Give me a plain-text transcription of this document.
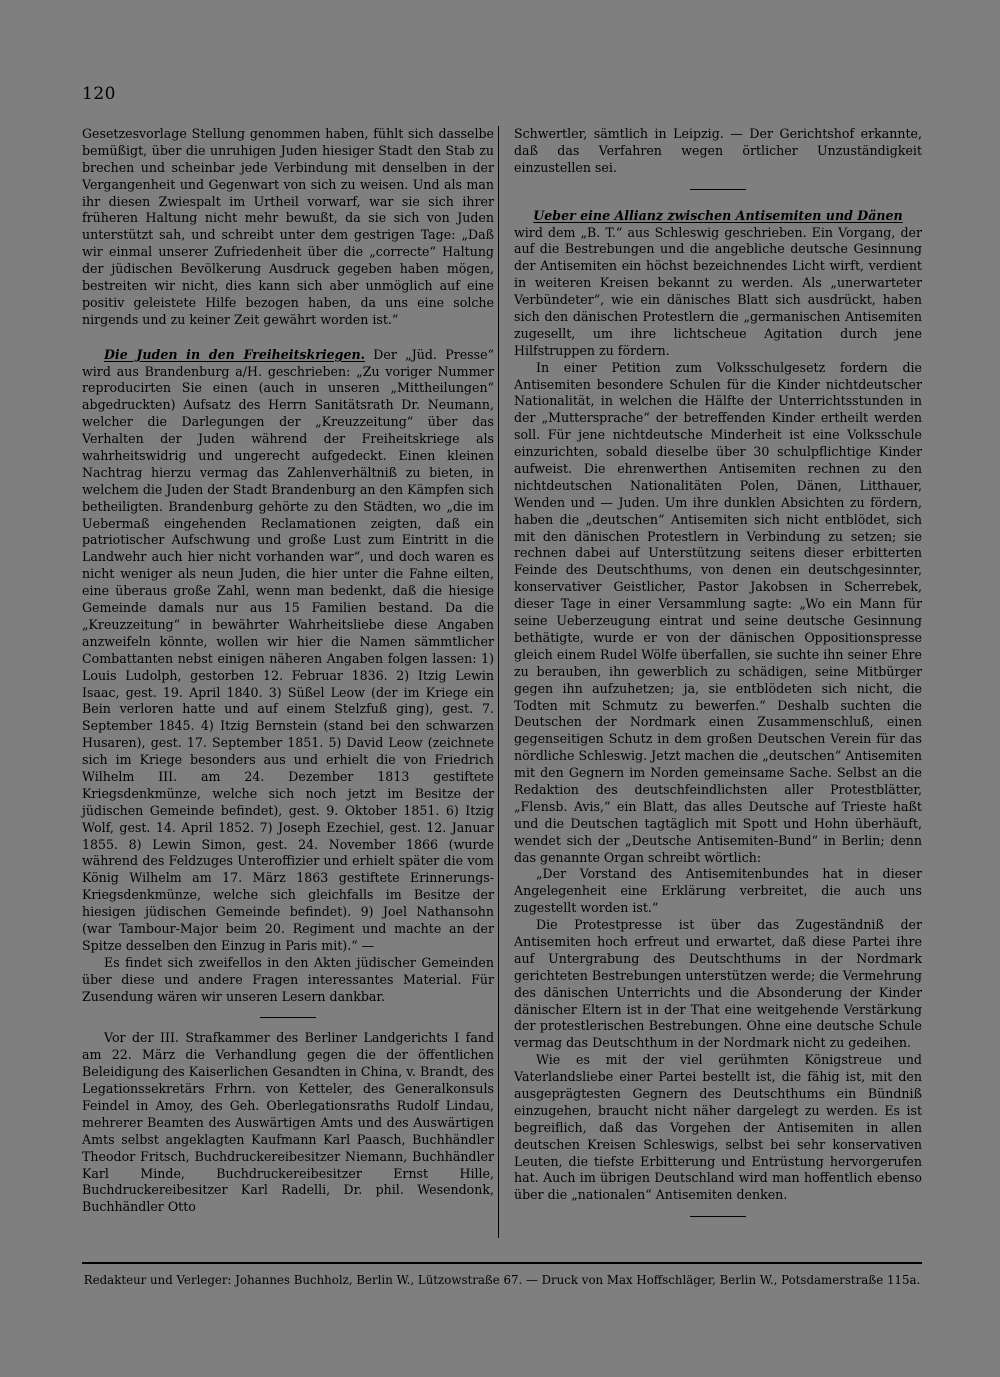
120

Gesetzesvorlage Stellung genommen haben, fühlt sich dasselbe bemüßigt, über die unruhigen Juden hiesiger Stadt den Stab zu brechen und scheinbar jede Verbindung mit denselben in der Vergangenheit und Gegenwart von sich zu weisen. Und als man ihr diesen Zwiespalt im Urtheil vorwarf, war sie sich ihrer früheren Haltung nicht mehr bewußt, da sie sich von Juden unterstützt sah, und schreibt unter dem gestrigen Tage: „Daß wir einmal unserer Zufriedenheit über die „correcte“ Haltung der jüdischen Bevölkerung Ausdruck gegeben haben mögen, bestreiten wir nicht, dies kann sich aber unmöglich auf eine positiv geleistete Hilfe bezogen haben, da uns eine solche nirgends und zu keiner Zeit gewährt worden ist.“

Die Juden in den Freiheitskriegen. Der „Jüd. Presse“ wird aus Brandenburg a/H. geschrieben: „Zu voriger Nummer reproducirten Sie einen (auch in unseren „Mittheilungen“ abgedruckten) Aufsatz des Herrn Sanitätsrath Dr. Neumann, welcher die Darlegungen der „Kreuzzeitung“ über das Verhalten der Juden während der Freiheitskriege als wahrheitswidrig und ungerecht aufgedeckt. Einen kleinen Nachtrag hierzu vermag das Zahlenverhältniß zu bieten, in welchem die Juden der Stadt Brandenburg an den Kämpfen sich betheiligten. Brandenburg gehörte zu den Städten, wo „die im Uebermaß eingehenden Reclamationen zeigten, daß ein patriotischer Aufschwung und große Lust zum Eintritt in die Landwehr auch hier nicht vorhanden war“, und doch waren es nicht weniger als neun Juden, die hier unter die Fahne eilten, eine überaus große Zahl, wenn man bedenkt, daß die hiesige Gemeinde damals nur aus 15 Familien bestand. Da die „Kreuzzeitung“ in bewährter Wahrheitsliebe diese Angaben anzweifeln könnte, wollen wir hier die Namen sämmtlicher Combattanten nebst einigen näheren Angaben folgen lassen: 1) Louis Ludolph, gestorben 12. Februar 1836. 2) Itzig Lewin Isaac, gest. 19. April 1840. 3) Süßel Leow (der im Kriege ein Bein verloren hatte und auf einem Stelzfuß ging), gest. 7. September 1845. 4) Itzig Bernstein (stand bei den schwarzen Husaren), gest. 17. September 1851. 5) David Leow (zeichnete sich im Kriege besonders aus und erhielt die von Friedrich Wilhelm III. am 24. Dezember 1813 gestiftete Kriegsdenkmünze, welche sich noch jetzt im Besitze der jüdischen Gemeinde befindet), gest. 9. Oktober 1851. 6) Itzig Wolf, gest. 14. April 1852. 7) Joseph Ezechiel, gest. 12. Januar 1855. 8) Lewin Simon, gest. 24. November 1866 (wurde während des Feldzuges Unteroffizier und erhielt später die vom König Wilhelm am 17. März 1863 gestiftete Erinnerungs-Kriegsdenkmünze, welche sich gleichfalls im Besitze der hiesigen jüdischen Gemeinde befindet). 9) Joel Nathansohn (war Tambour-Major beim 20. Regiment und machte an der Spitze desselben den Einzug in Paris mit).“ —

Es findet sich zweifellos in den Akten jüdischer Gemeinden über diese und andere Fragen interessantes Material. Für Zusendung wären wir unseren Lesern dankbar.

Vor der III. Strafkammer des Berliner Landgerichts I fand am 22. März die Verhandlung gegen die der öffentlichen Beleidigung des Kaiserlichen Gesandten in China, v. Brandt, des Legationssekretärs Frhrn. von Ketteler, des Generalkonsuls Feindel in Amoy, des Geh. Oberlegationsraths Rudolf Lindau, mehrerer Beamten des Auswärtigen Amts und des Auswärtigen Amts selbst angeklagten Kaufmann Karl Paasch, Buchhändler Theodor Fritsch, Buchdruckereibesitzer Niemann, Buchhändler Karl Minde, Buchdruckereibesitzer Ernst Hille, Buchdruckereibesitzer Karl Radelli, Dr. phil. Wesendonk, Buchhändler Otto

Schwertler, sämtlich in Leipzig. — Der Gerichtshof erkannte, daß das Verfahren wegen örtlicher Unzuständigkeit einzustellen sei.

Ueber eine Allianz zwischen Antisemiten und Dänen

wird dem „B. T.“ aus Schleswig geschrieben. Ein Vorgang, der auf die Bestrebungen und die angebliche deutsche Gesinnung der Antisemiten ein höchst bezeichnendes Licht wirft, verdient in weiteren Kreisen bekannt zu werden. Als „unerwarteter Verbündeter“, wie ein dänisches Blatt sich ausdrückt, haben sich den dänischen Protestlern die „germanischen Antisemiten zugesellt, um ihre lichtscheue Agitation durch jene Hilfstruppen zu fördern.

In einer Petition zum Volksschulgesetz fordern die Antisemiten besondere Schulen für die Kinder nichtdeutscher Nationalität, in welchen die Hälfte der Unterrichtsstunden in der „Muttersprache“ der betreffenden Kinder ertheilt werden soll. Für jene nichtdeutsche Minderheit ist eine Volksschule einzurichten, sobald dieselbe über 30 schulpflichtige Kinder aufweist. Die ehrenwerthen Antisemiten rechnen zu den nichtdeutschen Nationalitäten Polen, Dänen, Litthauer, Wenden und — Juden. Um ihre dunklen Absichten zu fördern, haben die „deutschen“ Antisemiten sich nicht entblödet, sich mit den dänischen Protestlern in Verbindung zu setzen; sie rechnen dabei auf Unterstützung seitens dieser erbitterten Feinde des Deutschthums, von denen ein deutschgesinnter, konservativer Geistlicher, Pastor Jakobsen in Scherrebek, dieser Tage in einer Versammlung sagte: „Wo ein Mann für seine Ueberzeugung eintrat und seine deutsche Gesinnung bethätigte, wurde er von der dänischen Oppositionspresse gleich einem Rudel Wölfe überfallen, sie suchte ihn seiner Ehre zu berauben, ihn gewerblich zu schädigen, seine Mitbürger gegen ihn aufzuhetzen; ja, sie entblödeten sich nicht, die Todten mit Schmutz zu bewerfen.“ Deshalb suchten die Deutschen der Nordmark einen Zusammenschluß, einen gegenseitigen Schutz in dem großen Deutschen Verein für das nördliche Schleswig. Jetzt machen die „deutschen“ Antisemiten mit den Gegnern im Norden gemeinsame Sache. Selbst an die Redaktion des deutschfeindlichsten aller Protestblätter, „Flensb. Avis,“ ein Blatt, das alles Deutsche auf Trieste haßt und die Deutschen tagtäglich mit Spott und Hohn überhäuft, wendet sich der „Deutsche Antisemiten-Bund“ in Berlin; denn das genannte Organ schreibt wörtlich:

„Der Vorstand des Antisemitenbundes hat in dieser Angelegenheit eine Erklärung verbreitet, die auch uns zugestellt worden ist.“

Die Protestpresse ist über das Zugeständniß der Antisemiten hoch erfreut und erwartet, daß diese Partei ihre auf Untergrabung des Deutschthums in der Nordmark gerichteten Bestrebungen unterstützen werde; die Vermehrung des dänischen Unterrichts und die Absonderung der Kinder dänischer Eltern ist in der That eine weitgehende Verstärkung der protestlerischen Bestrebungen. Ohne eine deutsche Schule vermag das Deutschthum in der Nordmark nicht zu gedeihen.

Wie es mit der viel gerühmten Königstreue und Vaterlandsliebe einer Partei bestellt ist, die fähig ist, mit den ausgeprägtesten Gegnern des Deutschthums ein Bündniß einzugehen, braucht nicht näher dargelegt zu werden. Es ist begreiflich, daß das Vorgehen der Antisemiten in allen deutschen Kreisen Schleswigs, selbst bei sehr konservativen Leuten, die tiefste Erbitterung und Entrüstung hervorgerufen hat. Auch im übrigen Deutschland wird man hoffentlich ebenso über die „nationalen“ Antisemiten denken.

Redakteur und Verleger: Johannes Buchholz, Berlin W., Lützowstraße 67. — Druck von Max Hoffschläger, Berlin W., Potsdamerstraße 115a.
